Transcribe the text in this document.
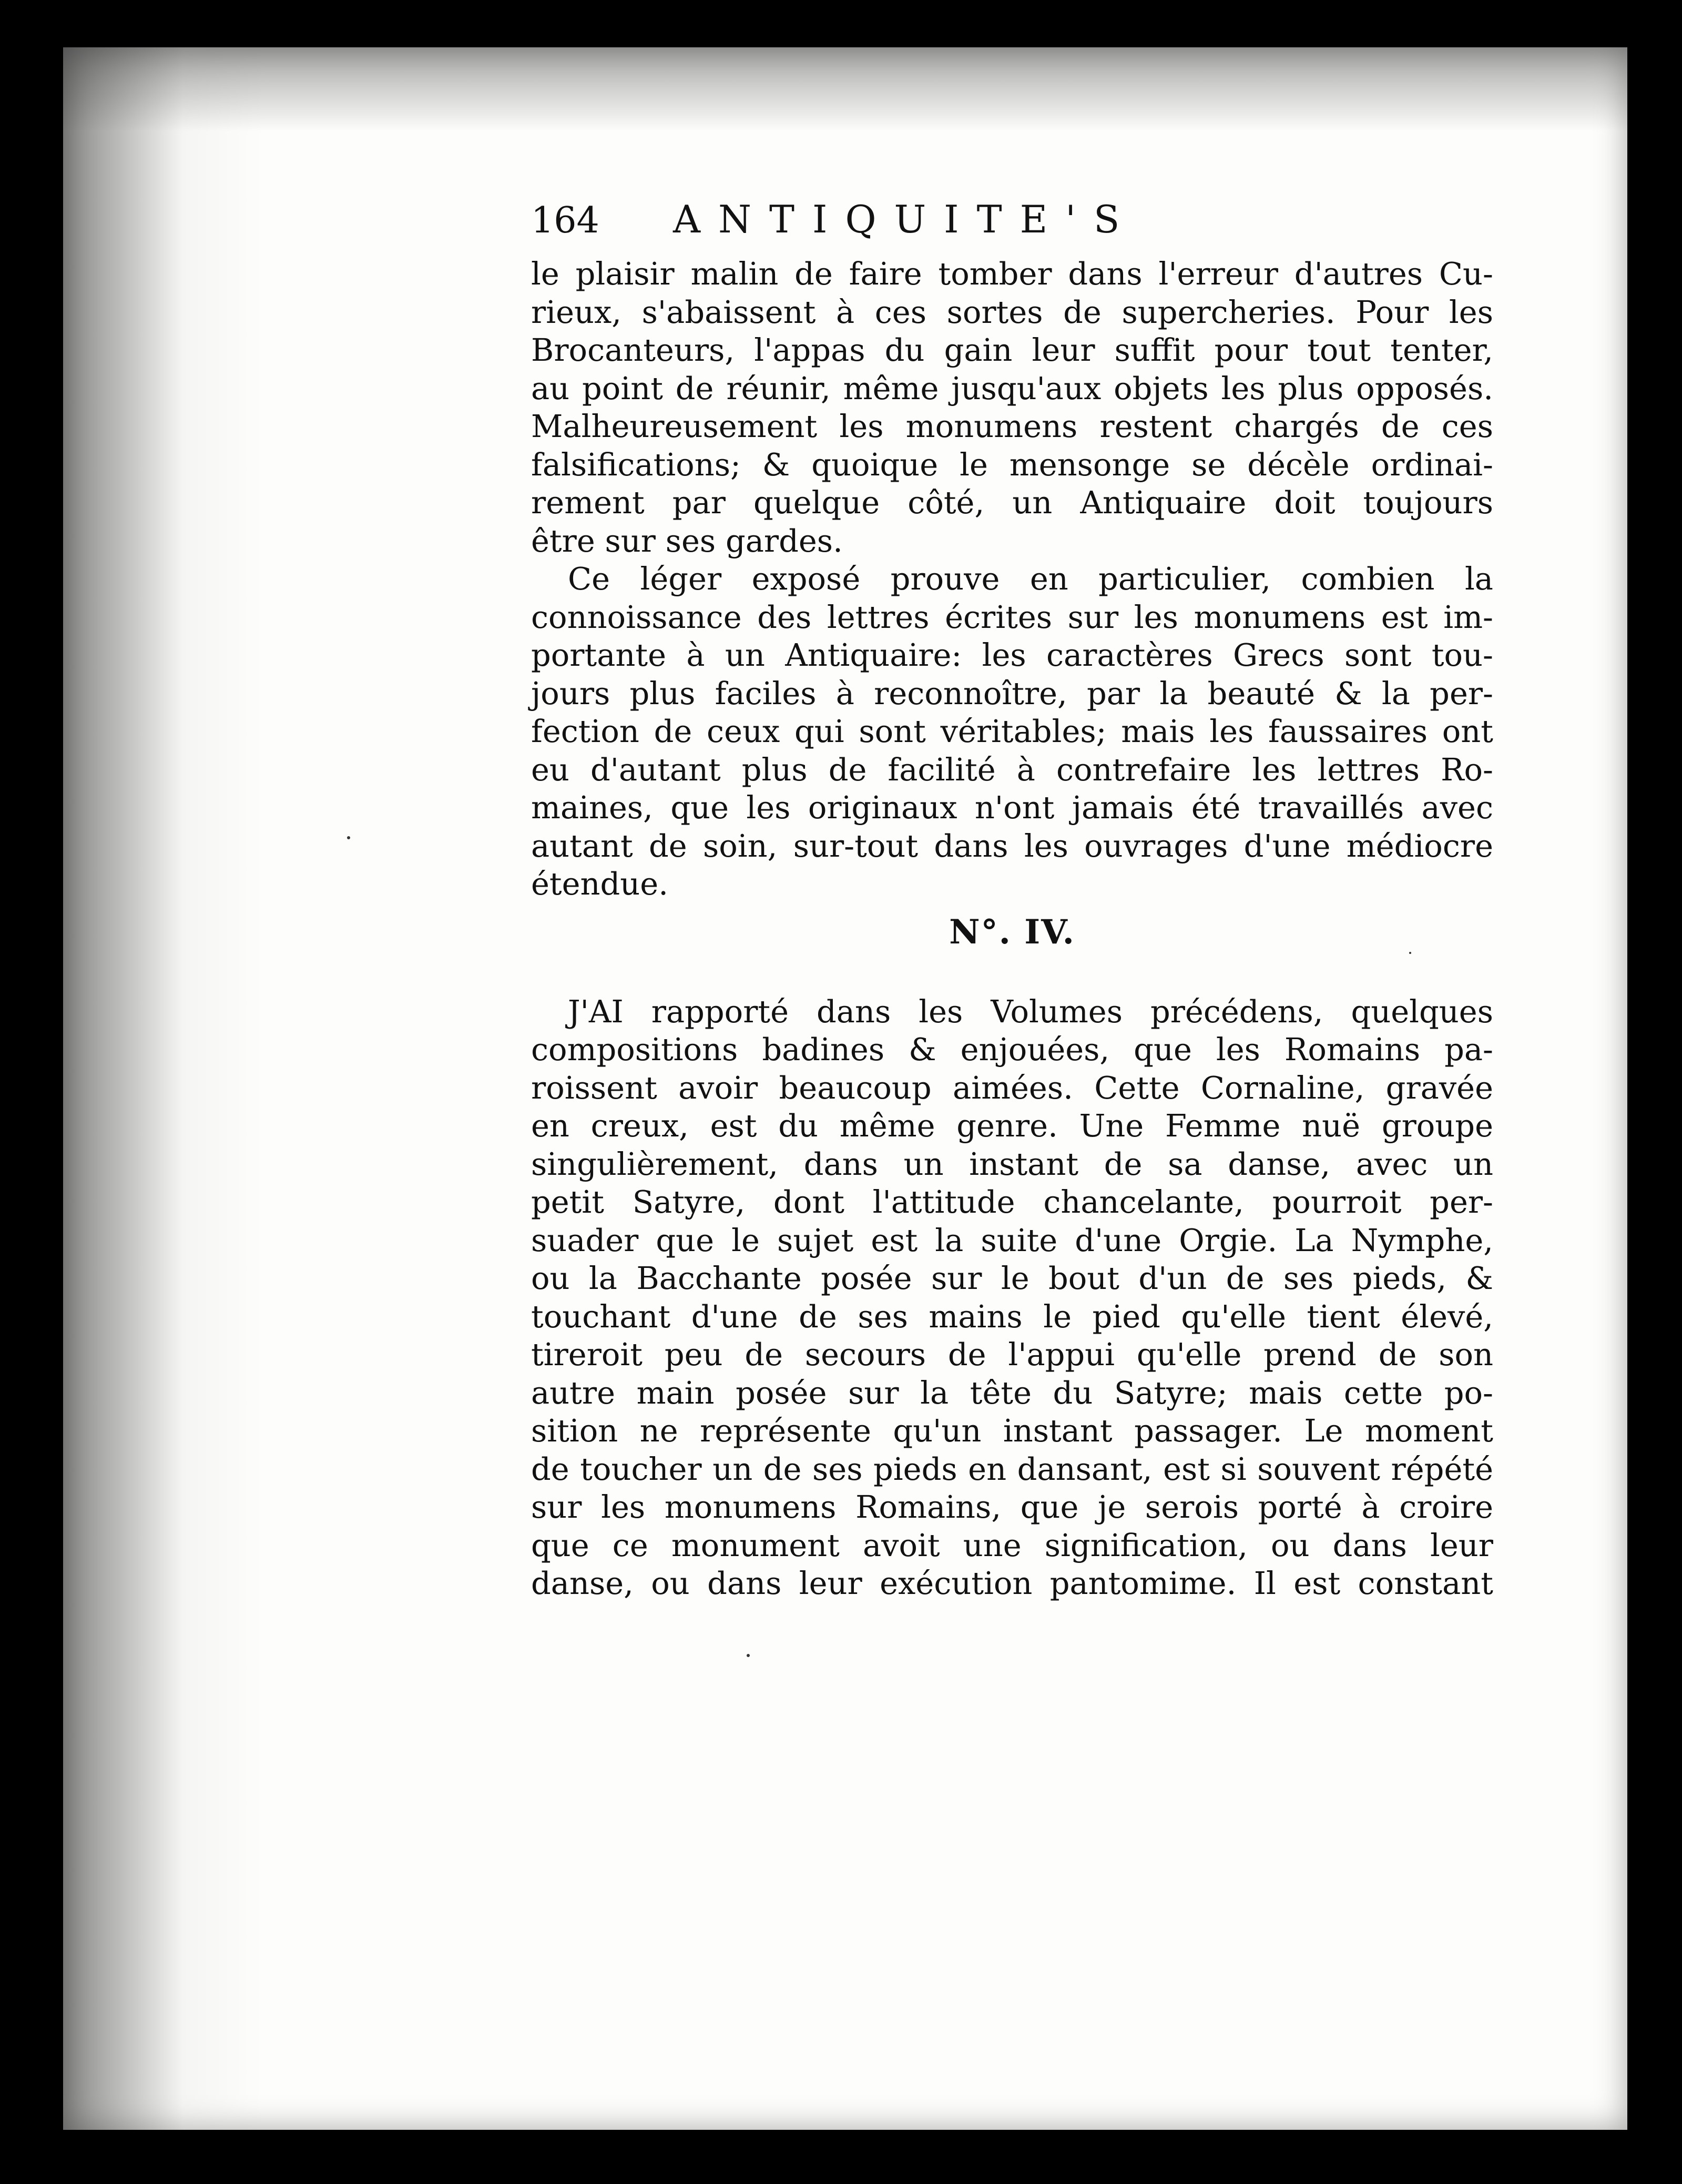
164	ANTIQUITE'S
le plaisir malin de faire tomber dans l'erreur d'autres Cu-
rieux, s'abaissent à ces sortes de supercheries. Pour les
Brocanteurs, l'appas du gain leur suffit pour tout tenter,
au point de réunir, même jusqu'aux objets les plus opposés.
Malheureusement les monumens restent chargés de ces
falsifications; & quoique le mensonge se décèle ordinai-
rement par quelque côté, un Antiquaire doit toujours
être sur ses gardes.
Ce léger exposé prouve en particulier, combien la
connoissance des lettres écrites sur les monumens est im-
portante à un Antiquaire: les caractères Grecs sont tou-
jours plus faciles à reconnoître, par la beauté & la per-
fection de ceux qui sont véritables; mais les faussaires ont
eu d'autant plus de facilité à contrefaire les lettres Ro-
maines, que les originaux n'ont jamais été travaillés avec
autant de soin, sur-tout dans les ouvrages d'une médiocre
étendue.
N°. IV.
J'AI rapporté dans les Volumes précédens, quelques
compositions badines & enjouées, que les Romains pa-
roissent avoir beaucoup aimées. Cette Cornaline, gravée
en creux, est du même genre. Une Femme nuë groupe
singulièrement, dans un instant de sa danse, avec un
petit Satyre, dont l'attitude chancelante, pourroit per-
suader que le sujet est la suite d'une Orgie. La Nymphe,
ou la Bacchante posée sur le bout d'un de ses pieds, &
touchant d'une de ses mains le pied qu'elle tient élevé,
tireroit peu de secours de l'appui qu'elle prend de son
autre main posée sur la tête du Satyre; mais cette po-
sition ne représente qu'un instant passager. Le moment
de toucher un de ses pieds en dansant, est si souvent répété
sur les monumens Romains, que je serois porté à croire
que ce monument avoit une signification, ou dans leur
danse, ou dans leur exécution pantomime. Il est constant
